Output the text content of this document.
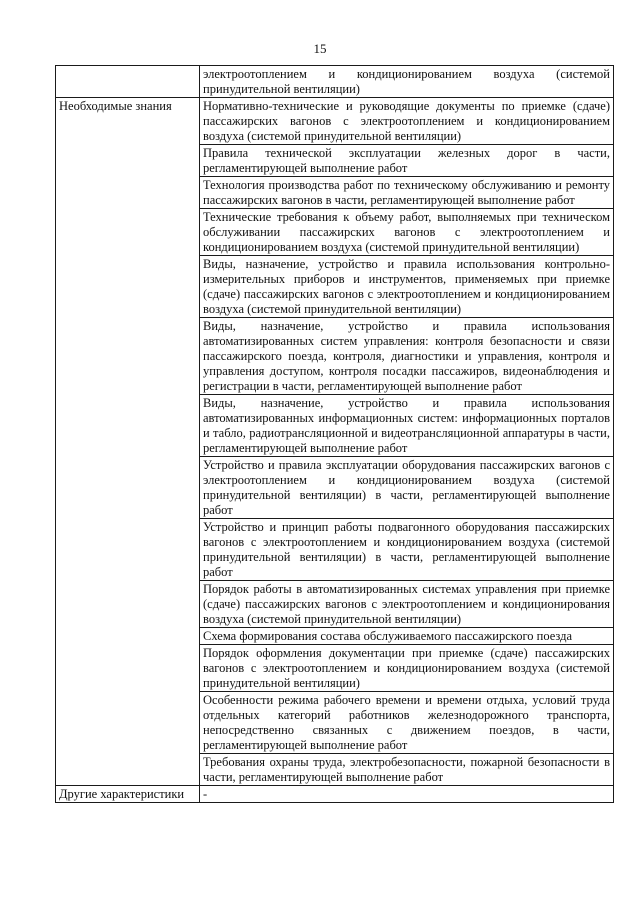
15
	электроотоплением и кондиционированием воздуха (системой принудительной вентиляции)
Необходимые знания	Нормативно-технические и руководящие документы по приемке (сдаче) пассажирских вагонов с электроотоплением и кондиционированием воздуха (системой принудительной вентиляции)
	Правила технической эксплуатации железных дорог в части, регламентирующей выполнение работ
	Технология производства работ по техническому обслуживанию и ремонту пассажирских вагонов в части, регламентирующей выполнение работ
	Технические требования к объему работ, выполняемых при техническом обслуживании пассажирских вагонов с электроотоплением и кондиционированием воздуха (системой принудительной вентиляции)
	Виды, назначение, устройство и правила использования контрольно-измерительных приборов и инструментов, применяемых при приемке (сдаче) пассажирских вагонов с электроотоплением и кондиционированием воздуха (системой принудительной вентиляции)
	Виды, назначение, устройство и правила использования автоматизированных систем управления: контроля безопасности и связи пассажирского поезда, контроля, диагностики и управления, контроля и управления доступом, контроля посадки пассажиров, видеонаблюдения и регистрации в части, регламентирующей выполнение работ
	Виды, назначение, устройство и правила использования автоматизированных информационных систем: информационных порталов и табло, радиотрансляционной и видеотрансляционной аппаратуры в части, регламентирующей выполнение работ
	Устройство и правила эксплуатации оборудования пассажирских вагонов с электроотоплением и кондиционированием воздуха (системой принудительной вентиляции) в части, регламентирующей выполнение работ
	Устройство и принцип работы подвагонного оборудования пассажирских вагонов с электроотоплением и кондиционированием воздуха (системой принудительной вентиляции) в части, регламентирующей выполнение работ
	Порядок работы в автоматизированных системах управления при приемке (сдаче) пассажирских вагонов с электроотоплением и кондиционирования воздуха (системой принудительной вентиляции)
	Схема формирования состава обслуживаемого пассажирского поезда
	Порядок оформления документации при приемке (сдаче) пассажирских вагонов с электроотоплением и кондиционированием воздуха (системой принудительной вентиляции)
	Особенности режима рабочего времени и времени отдыха, условий труда отдельных категорий работников железнодорожного транспорта, непосредственно связанных с движением поездов, в части, регламентирующей выполнение работ
	Требования охраны труда, электробезопасности, пожарной безопасности в части, регламентирующей выполнение работ
Другие характеристики	-
